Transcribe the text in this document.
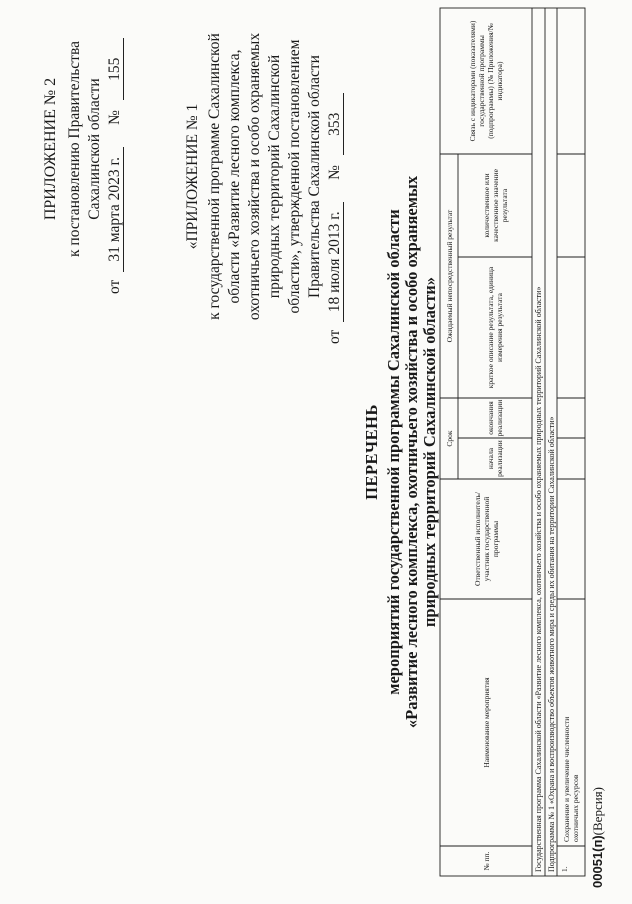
ПРИЛОЖЕНИЕ № 2 к постановлению Правительства Сахалинской области
от 31 марта 2023 г. № 155
«ПРИЛОЖЕНИЕ № 1 к государственной программе Сахалинской области «Развитие лесного комплекса, охотничьего хозяйства и особо охраняемых природных территорий Сахалинской области», утвержденной постановлением Правительства Сахалинской области
от 18 июля 2013 г. № 353
ПЕРЕЧЕНЬ мероприятий государственной программы Сахалинской области «Развитие лесного комплекса, охотничьего хозяйства и особо охраняемых природных территорий Сахалинской области»
№ пп.
Наименование мероприятия
Ответственный исполнитель/участник государственной программы
Срок
начала реализации
окончания реализации
Ожидаемый непосредственный результат	краткое описание результата, единица измерения результата
количественное или качественное значение результата
Связь с индикаторами (показателями) государственной программы (подпрограммы) (№ Приложения/№ индикатора)
Государственная программа Сахалинской области «Развитие лесного комплекса, охотничьего хозяйства и особо охраняемых природных территорий Сахалинской области» Подпрограмма № 1 «Охрана и воспроизводство объектов животного мира и среды их обитания на территории Сахалинской области» 1.
Сохранение и увеличение численности охотничьих ресурсов
00051(п)(Версия)
